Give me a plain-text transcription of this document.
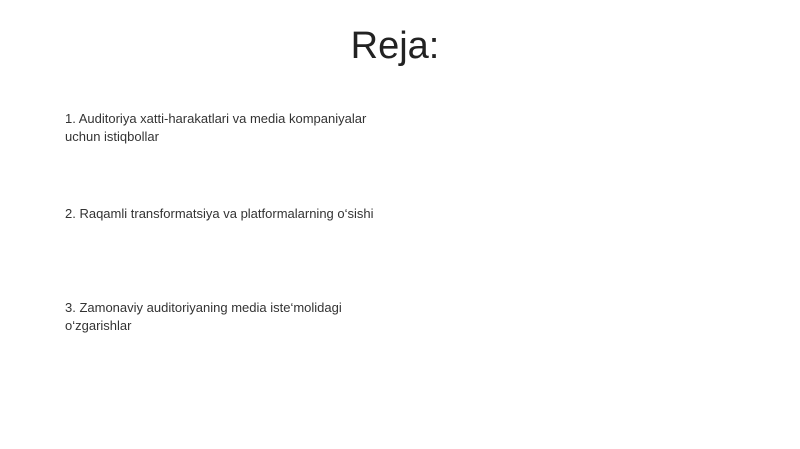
Reja:

1. Auditoriya xatti-harakatlari va media kompaniyalar uchun istiqbollar

2. Raqamli transformatsiya va platformalarning o‘sishi

3. Zamonaviy auditoriyaning media iste‘molidagi o‘zgarishlar
